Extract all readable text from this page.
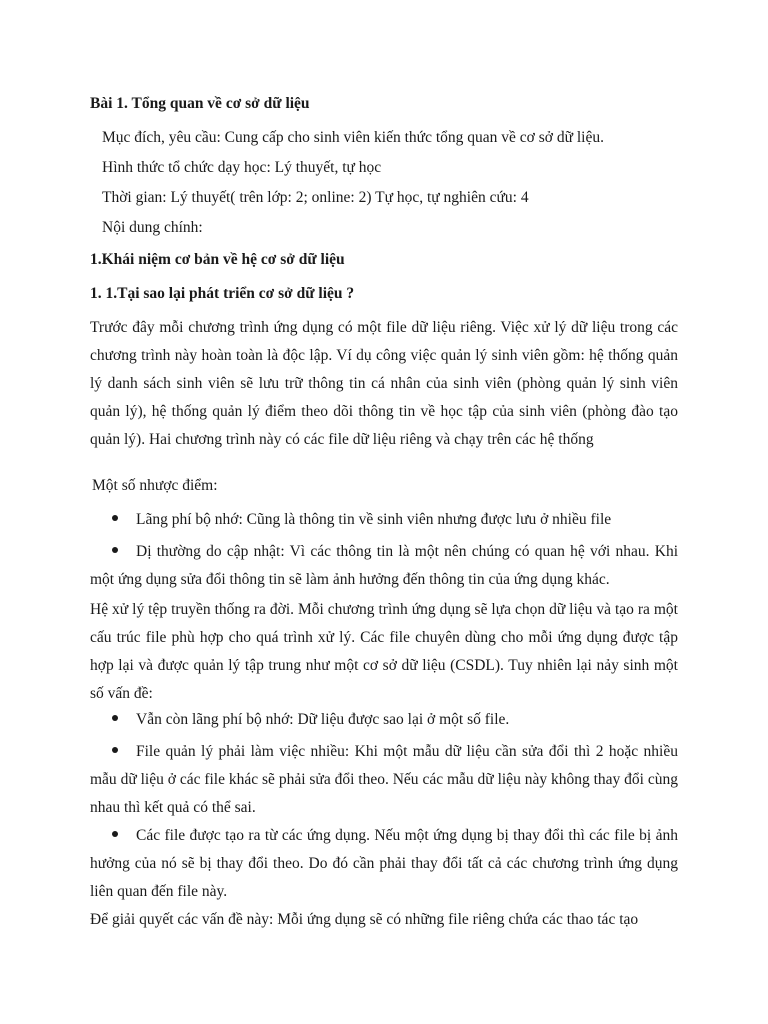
Bài 1. Tổng quan về cơ sở dữ liệu
Mục đích, yêu cầu: Cung cấp cho sinh viên kiến thức tổng quan về cơ sở dữ liệu.
Hình thức tổ chức dạy học: Lý thuyết, tự học
Thời gian: Lý thuyết( trên lớp: 2; online: 2) Tự học, tự nghiên cứu: 4
Nội dung chính:
1.Khái niệm cơ bản về hệ cơ sở dữ liệu
1. 1.Tại sao lại phát triển cơ sở dữ liệu ?
Trước đây mỗi chương trình ứng dụng có một file dữ liệu riêng. Việc xử lý dữ liệu trong các chương trình này hoàn toàn là độc lập. Ví dụ công việc quản lý sinh viên gồm: hệ thống quản lý danh sách sinh viên sẽ lưu trữ thông tin cá nhân của sinh viên (phòng quản lý sinh viên quản lý), hệ thống quản lý điểm theo dõi thông tin về học tập của sinh viên (phòng đào tạo quản lý). Hai chương trình này có các file dữ liệu riêng và chạy trên các hệ thống
Một số nhược điểm:
Lãng phí bộ nhớ: Cũng là thông tin về sinh viên nhưng được lưu ở nhiều file
Dị thường do cập nhật: Vì các thông tin là một nên chúng có quan hệ với nhau. Khi một ứng dụng sửa đổi thông tin sẽ làm ảnh hưởng đến thông tin của ứng dụng khác.
Hệ xử lý tệp truyền thống ra đời. Mỗi chương trình ứng dụng sẽ lựa chọn dữ liệu và tạo ra một cấu trúc file phù hợp cho quá trình xử lý. Các file chuyên dùng cho mỗi ứng dụng được tập hợp lại và được quản lý tập trung như một cơ sở dữ liệu (CSDL). Tuy nhiên lại nảy sinh một số vấn đề:
Vẫn còn lãng phí bộ nhớ: Dữ liệu được sao lại ở một số file.
File quản lý phải làm việc nhiều: Khi một mẫu dữ liệu cần sửa đổi thì 2 hoặc nhiều mẫu dữ liệu ở các file khác sẽ phải sửa đổi theo. Nếu các mẫu dữ liệu này không thay đổi cùng nhau thì kết quả có thể sai.
Các file được tạo ra từ các ứng dụng. Nếu một ứng dụng bị thay đổi thì các file bị ảnh hưởng của nó sẽ bị thay đổi theo. Do đó cần phải thay đổi tất cả các chương trình ứng dụng liên quan đến file này.
Để giải quyết các vấn đề này: Mỗi ứng dụng sẽ có những file riêng chứa các thao tác tạo
